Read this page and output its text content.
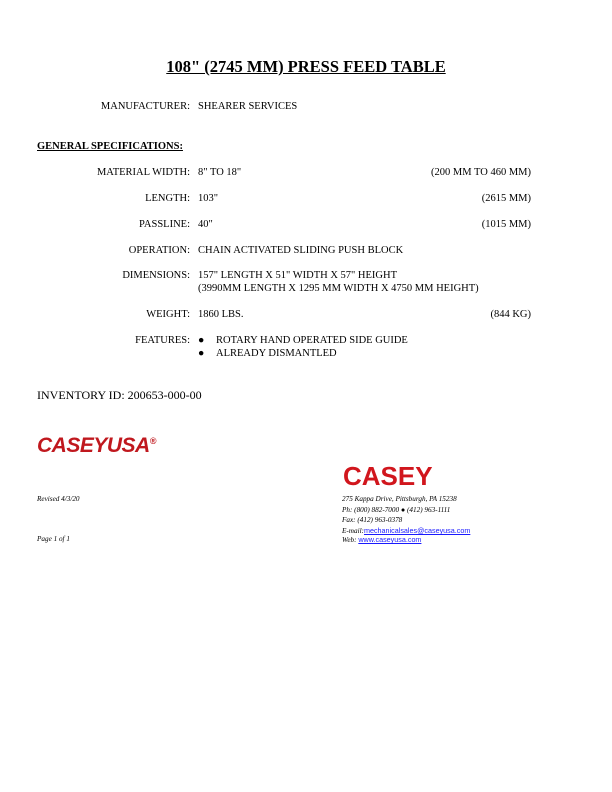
108" (2745 MM) PRESS FEED TABLE
MANUFACTURER: SHEARER SERVICES
GENERAL SPECIFICATIONS:
MATERIAL WIDTH: 8" TO 18"	(200 MM TO 460 MM)
LENGTH: 103"	(2615 MM)
PASSLINE: 40"	(1015 MM)
OPERATION: CHAIN ACTIVATED SLIDING PUSH BLOCK
DIMENSIONS: 157" LENGTH X 51" WIDTH X 57" HEIGHT
(3990MM LENGTH X 1295 MM WIDTH X 4750 MM HEIGHT)
WEIGHT: 1860 LBS.	(844 KG)
FEATURES: ● ROTARY HAND OPERATED SIDE GUIDE
● ALREADY DISMANTLED
INVENTORY ID: 200653-000-00
CASEYUSA®
CASEY
Revised 4/3/20
Page 1 of 1
275 Kappa Drive, Pittsburgh, PA 15238
Ph: (800) 882-7000 ● (412) 963-1111
Fax: (412) 963-0378
E-mail:mechanicalsales@caseyusa.com
Web: www.caseyusa.com
